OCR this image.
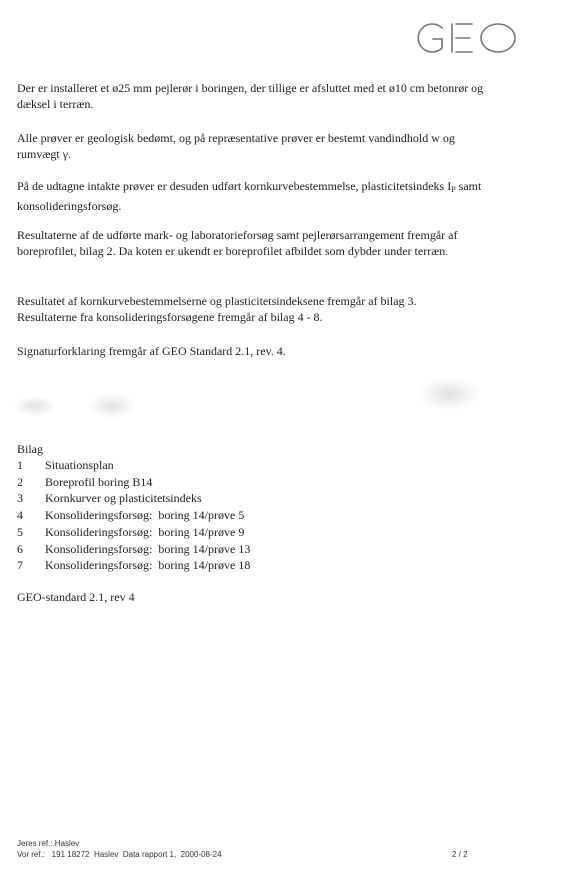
Der er installeret et ø25 mm pejlerør i boringen, der tillige er afsluttet med et ø10 cm betonrør og dæksel i terræn.

Alle prøver er geologisk bedømt, og på repræsentative prøver er bestemt vandindhold w og rumvægt γ.

På de udtagne intakte prøver er desuden udført kornkurvebestemmelse, plasticitetsindeks $I_P$ samt konsolideringsforsøg.

Resultaterne af de udførte mark- og laboratorieforsøg samt pejlerørsarrangement fremgår af boreprofilet, bilag 2. Da koten er ukendt er boreprofilet afbildet som dybder under terræn.

Resultatet af kornkurvebestemmelserne og plasticitetsindeksene fremgår af bilag 3.
Resultaterne fra konsolideringsforsøgene fremgår af bilag 4 - 8.

Signaturforklaring fremgår af GEO Standard 2.1, rev. 4.

Bilag
1	Situationsplan
2	Boreprofil boring B14
3	Kornkurver og plasticitetsindeks
4	Konsolideringsforsøg:  boring 14/prøve 5
5	Konsolideringsforsøg:  boring 14/prøve 9
6	Konsolideringsforsøg:  boring 14/prøve 13
7	Konsolideringsforsøg:  boring 14/prøve 18
GEO-standard 2.1, rev 4
Jeres ref.: Haslev
Vor ref.:   191 18272  Haslev  Data rapport 1,  2000-08-24	2 / 2
